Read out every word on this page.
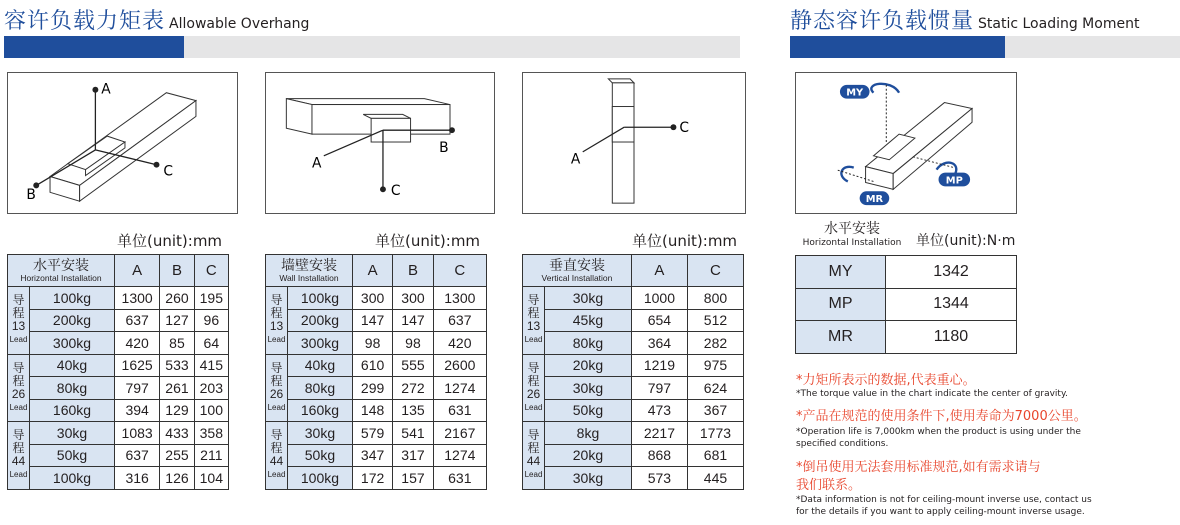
容许负载力矩表 Allowable Overhang	静态容许负载惯量 Static Loading Moment
A
C
B
A
B
C
C
A
MY
MP
MR
单位(unit):mm	单位(unit):mm	单位(unit):mm
水平安装
Horizontal Installation		A	B	C

导
程
13
Lead	100kg	1300	260	195
	200kg	637	127	96
	300kg	420	85	64

导
程
26
Lead	40kg	1625	533	415
	80kg	797	261	203
	160kg	394	129	100

导
程
44
Lead	30kg	1083	433	358
	50kg	637	255	211
	100kg	316	126	104
墙壁安装
Wall Installation		A	B	C

导
程
13
Lead	100kg	300	300	1300
	200kg	147	147	637
	300kg	98	98	420

导
程
26
Lead	40kg	610	555	2600
	80kg	299	272	1274
	160kg	148	135	631

导
程
44
Lead	30kg	579	541	2167
	50kg	347	317	1274
	100kg	172	157	631
垂直安装
Vertical Installation		A	C

导
程
13
Lead	30kg	1000	800
	45kg	654	512
	80kg	364	282

导
程
26
Lead	20kg	1219	975
	30kg	797	624
	50kg	473	367

导
程
44
Lead	8kg	2217	1773
	20kg	868	681
	30kg	573	445
水平安装
Horizontal Installation 单位(unit):N·m
MY	1342
MP	1344
MR	1180
*力矩所表示的数据,代表重心。
*The torque value in the chart indicate the center of gravity.
*产品在规范的使用条件下,使用寿命为7000公里。
*Operation life is 7,000km when the product is using under the
specified conditions.
*倒吊使用无法套用标准规范,如有需求请与
我们联系。
*Data information is not for ceiling-mount inverse use, contact us
for the details if you want to apply ceiling-mount inverse usage.
